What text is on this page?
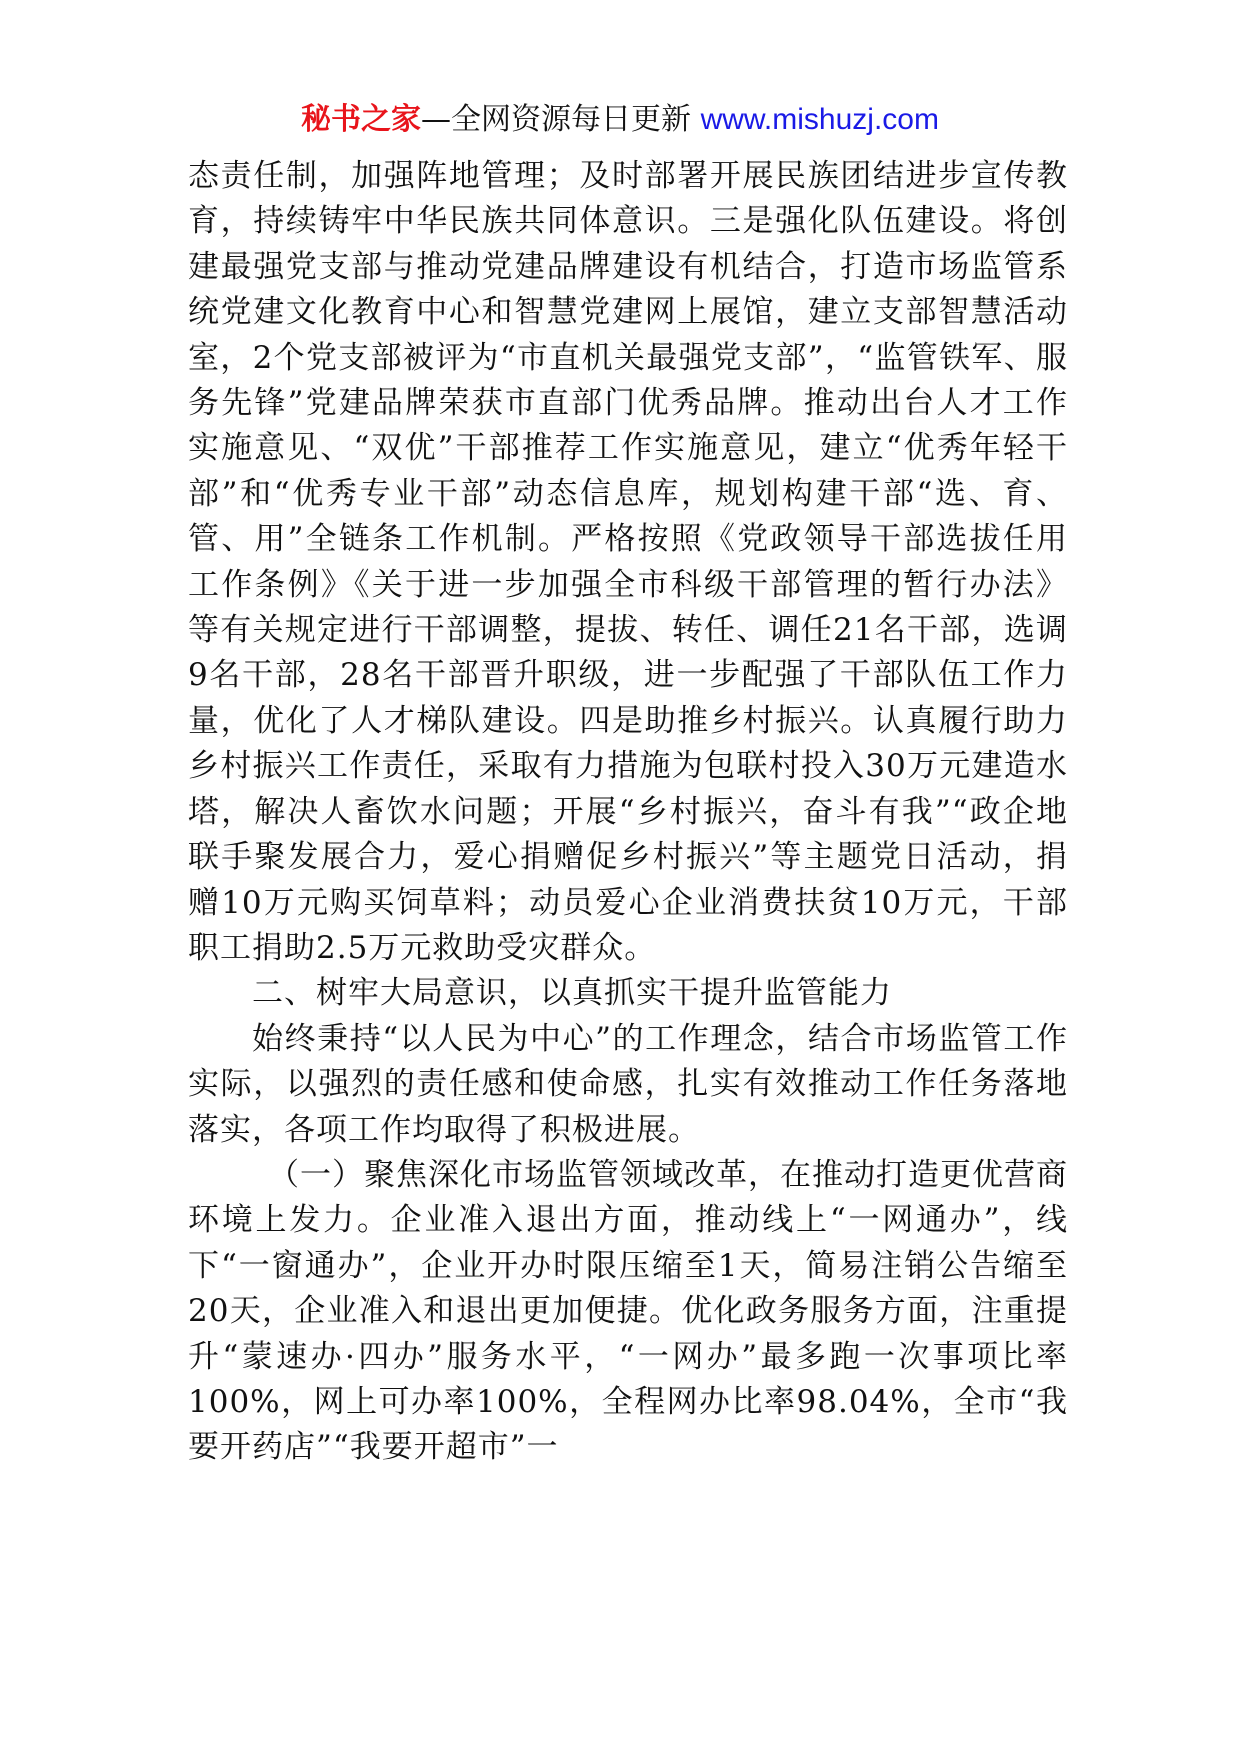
秘书之家—全网资源每日更新 www.mishuzj.com

态责任制，加强阵地管理；及时部署开展民族团结进步宣传教育，持续铸牢中华民族共同体意识。三是强化队伍建设。将创建最强党支部与推动党建品牌建设有机结合，打造市场监管系统党建文化教育中心和智慧党建网上展馆，建立支部智慧活动室，2个党支部被评为“市直机关最强党支部”，“监管铁军、服务先锋”党建品牌荣获市直部门优秀品牌。推动出台人才工作实施意见、“双优”干部推荐工作实施意见，建立“优秀年轻干部”和“优秀专业干部”动态信息库，规划构建干部“选、育、管、用”全链条工作机制。严格按照《党政领导干部选拔任用工作条例》《关于进一步加强全市科级干部管理的暂行办法》等有关规定进行干部调整，提拔、转任、调任21名干部，选调9名干部，28名干部晋升职级，进一步配强了干部队伍工作力量，优化了人才梯队建设。四是助推乡村振兴。认真履行助力乡村振兴工作责任，采取有力措施为包联村投入30万元建造水塔，解决人畜饮水问题；开展“乡村振兴，奋斗有我”“政企地联手聚发展合力，爱心捐赠促乡村振兴”等主题党日活动，捐赠10万元购买饲草料；动员爱心企业消费扶贫10万元，干部职工捐助2.5万元救助受灾群众。

二、树牢大局意识，以真抓实干提升监管能力

始终秉持“以人民为中心”的工作理念，结合市场监管工作实际，以强烈的责任感和使命感，扎实有效推动工作任务落地落实，各项工作均取得了积极进展。

（一）聚焦深化市场监管领域改革，在推动打造更优营商环境上发力。企业准入退出方面，推动线上“一网通办”，线下“一窗通办”，企业开办时限压缩至1天，简易注销公告缩至20天，企业准入和退出更加便捷。优化政务服务方面，注重提升“蒙速办·四办”服务水平，“一网办”最多跑一次事项比率100%，网上可办率100%，全程网办比率98.04%，全市“我要开药店”“我要开超市”一
